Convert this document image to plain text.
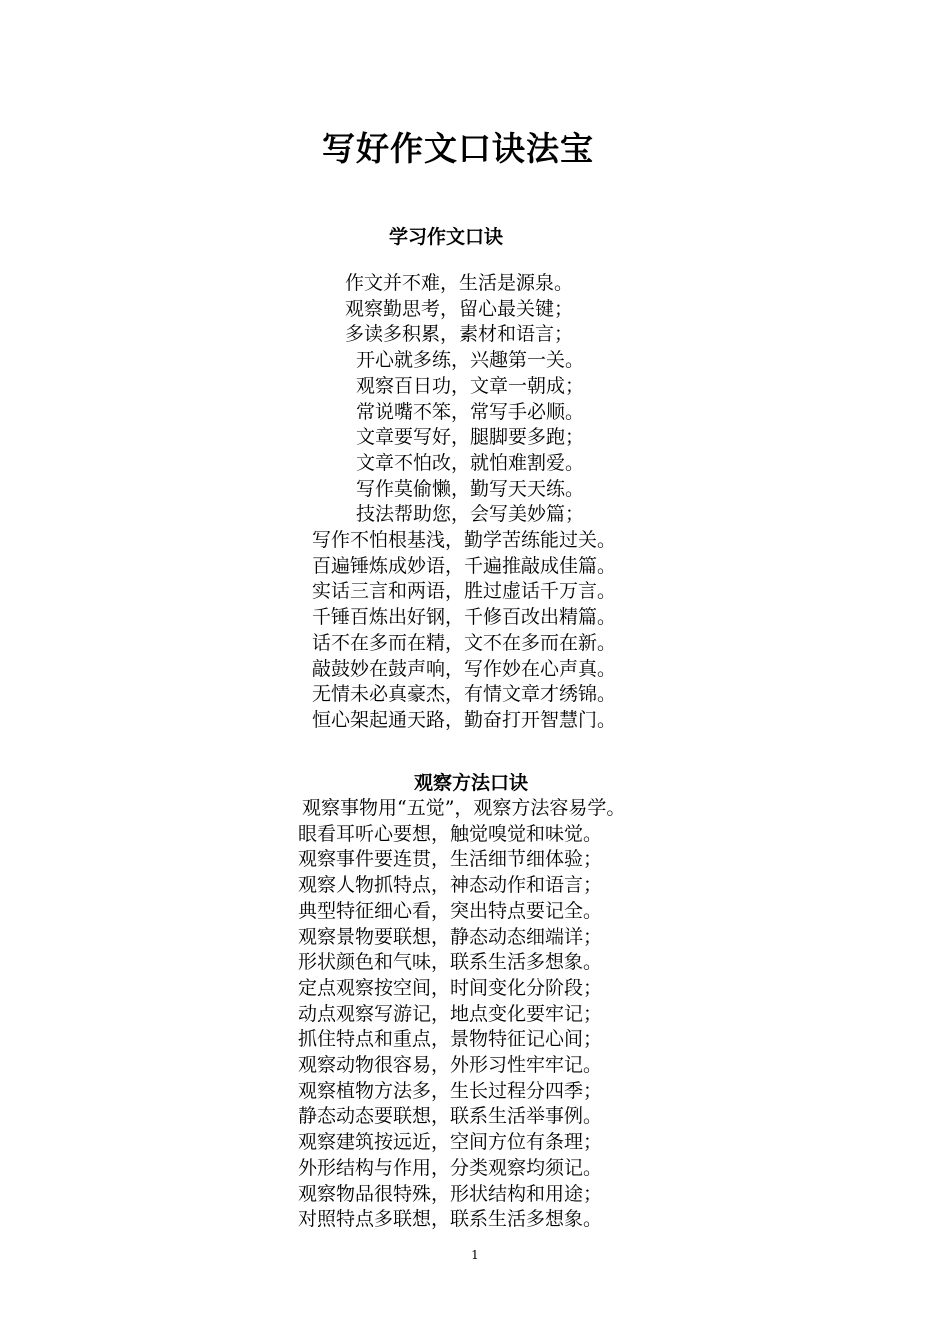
写好作文口诀法宝
学习作文口诀
作文并不难，生活是源泉。
观察勤思考，留心最关键；
多读多积累，素材和语言；
开心就多练，兴趣第一关。
观察百日功，文章一朝成；
常说嘴不笨，常写手必顺。
文章要写好，腿脚要多跑；
文章不怕改，就怕难割爱。
写作莫偷懒，勤写天天练。
技法帮助您，会写美妙篇；
写作不怕根基浅，勤学苦练能过关。
百遍锤炼成妙语，千遍推敲成佳篇。
实话三言和两语，胜过虚话千万言。
千锤百炼出好钢，千修百改出精篇。
话不在多而在精，文不在多而在新。
敲鼓妙在鼓声响，写作妙在心声真。
无情未必真豪杰，有情文章才绣锦。
恒心架起通天路，勤奋打开智慧门。
观察方法口诀
观察事物用“五觉”，观察方法容易学。
眼看耳听心要想，触觉嗅觉和味觉。
观察事件要连贯，生活细节细体验；
观察人物抓特点，神态动作和语言；
典型特征细心看，突出特点要记全。
观察景物要联想，静态动态细端详；
形状颜色和气味，联系生活多想象。
定点观察按空间，时间变化分阶段；
动点观察写游记，地点变化要牢记；
抓住特点和重点，景物特征记心间；
观察动物很容易，外形习性牢牢记。
观察植物方法多，生长过程分四季；
静态动态要联想，联系生活举事例。
观察建筑按远近，空间方位有条理；
外形结构与作用，分类观察均须记。
观察物品很特殊，形状结构和用途；
对照特点多联想，联系生活多想象。
1
